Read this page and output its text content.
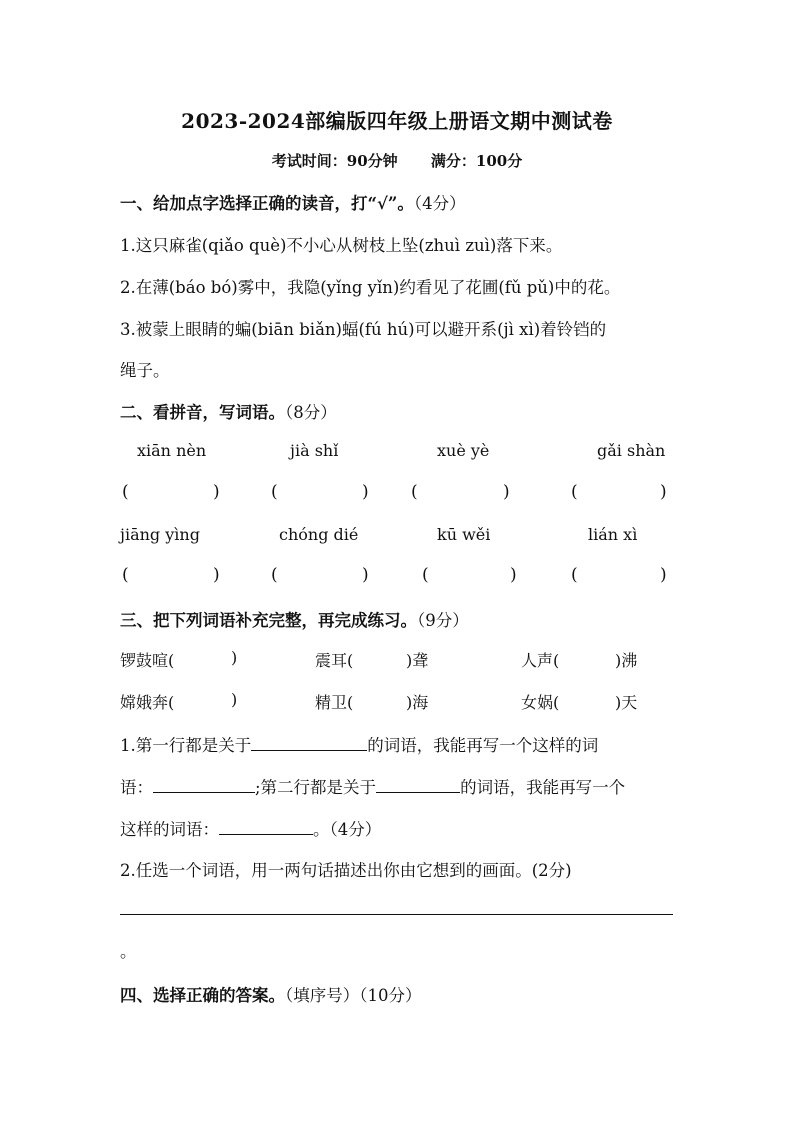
2023-2024部编版四年级上册语文期中测试卷
考试时间：90分钟 满分：100分
一、给加点字选择正确的读音，打“√”。（4分）
1.这只麻雀(qiǎo què)不小心从树枝上坠(zhuì zuì)落下来。
2.在薄(báo bó)雾中，我隐(yǐng yǐn)约看见了花圃(fǔ pǔ)中的花。
3.被蒙上眼睛的蝙(biān biǎn)蝠(fú hú)可以避开系(jì xì)着铃铛的
绳子。
二、看拼音，写词语。（8分）
xiān nèn	jià shǐ	xuè yè	gǎi shàn
(	)	(	) (	)	(	)
jiāng yìng	chóng dié	kū wěi	lián xì
(	)	(	)	(	)	(	)
三、把下列词语补充完整，再完成练习。（9分）
锣鼓喧(	)	震耳(	)聋	人声(	)沸
嫦娥奔(	)	精卫(	)海	女娲(	)天
1.第一行都是关于	的词语，我能再写一个这样的词
语：	;第二行都是关于	的词语，我能再写一个
这样的词语：	。（4分）
2.任选一个词语，用一两句话描述出你由它想到的画面。(2分)
。
四、选择正确的答案。（填序号）（10分）
